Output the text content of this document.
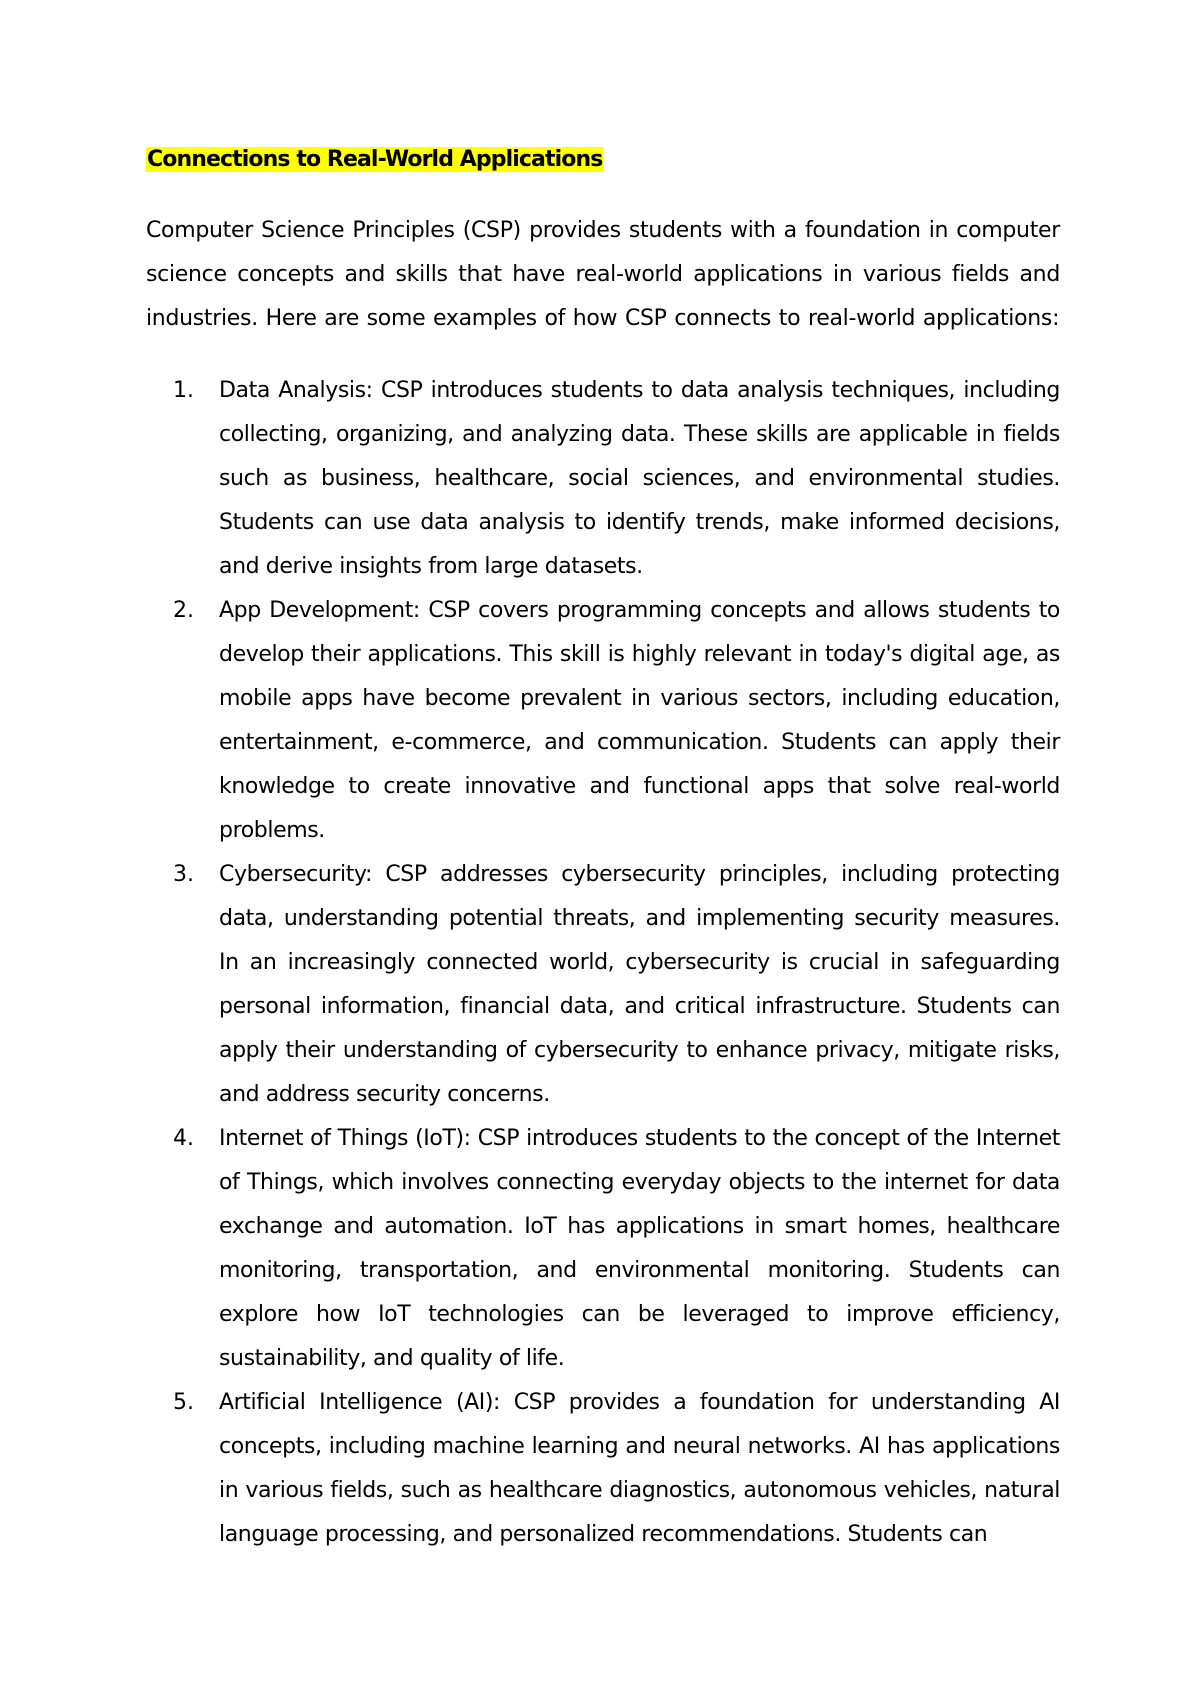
Connections to Real-World Applications

Computer Science Principles (CSP) provides students with a foundation in computer science concepts and skills that have real-world applications in various fields and industries. Here are some examples of how CSP connects to real-world applications:

1. Data Analysis: CSP introduces students to data analysis techniques, including collecting, organizing, and analyzing data. These skills are applicable in fields such as business, healthcare, social sciences, and environmental studies. Students can use data analysis to identify trends, make informed decisions, and derive insights from large datasets.
2. App Development: CSP covers programming concepts and allows students to develop their applications. This skill is highly relevant in today's digital age, as mobile apps have become prevalent in various sectors, including education, entertainment, e-commerce, and communication. Students can apply their knowledge to create innovative and functional apps that solve real-world problems.
3. Cybersecurity: CSP addresses cybersecurity principles, including protecting data, understanding potential threats, and implementing security measures. In an increasingly connected world, cybersecurity is crucial in safeguarding personal information, financial data, and critical infrastructure. Students can apply their understanding of cybersecurity to enhance privacy, mitigate risks, and address security concerns.
4. Internet of Things (IoT): CSP introduces students to the concept of the Internet of Things, which involves connecting everyday objects to the internet for data exchange and automation. IoT has applications in smart homes, healthcare monitoring, transportation, and environmental monitoring. Students can explore how IoT technologies can be leveraged to improve efficiency, sustainability, and quality of life.
5. Artificial Intelligence (AI): CSP provides a foundation for understanding AI concepts, including machine learning and neural networks. AI has applications in various fields, such as healthcare diagnostics, autonomous vehicles, natural language processing, and personalized recommendations. Students can
